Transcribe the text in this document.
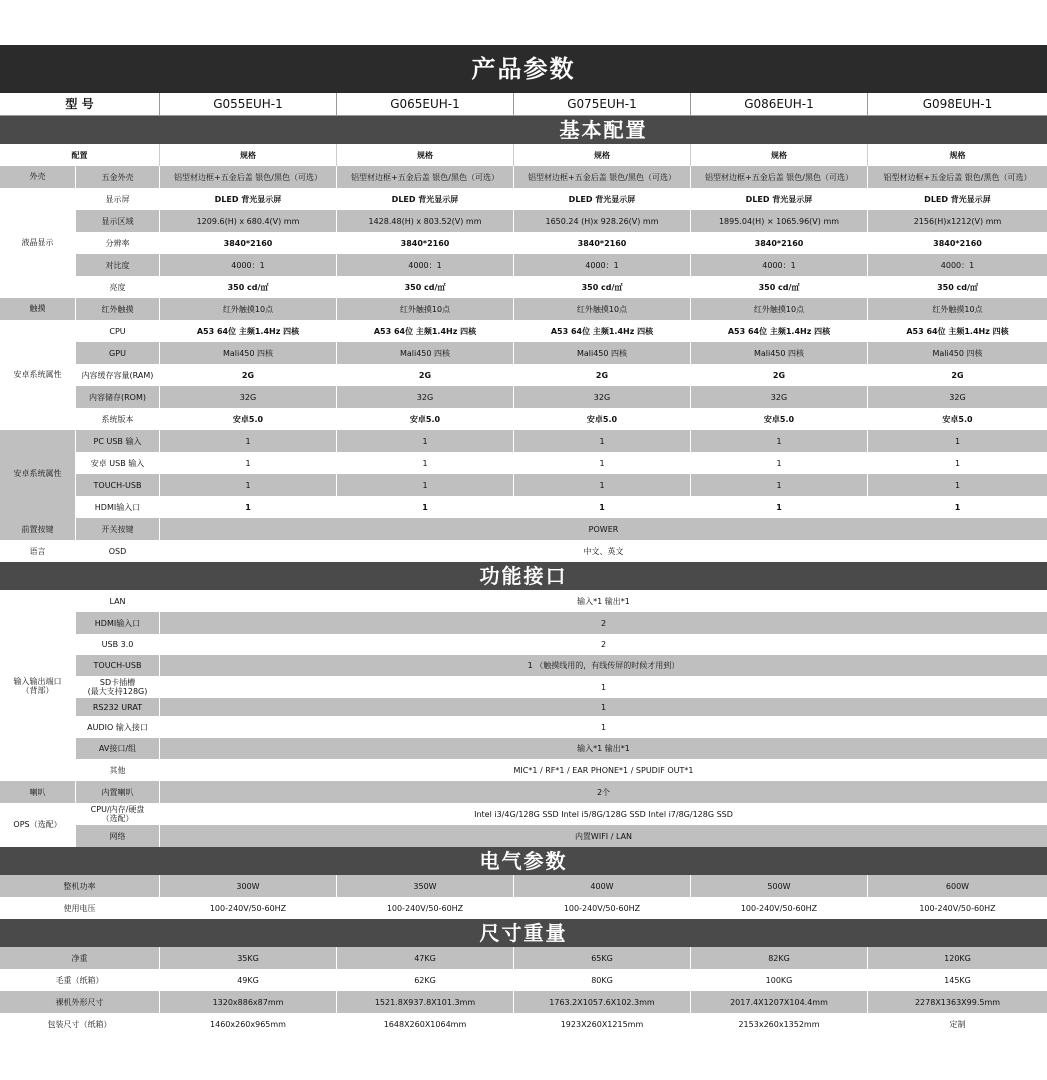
产品参数
型 号	G055EUH-1	G065EUH-1	G075EUH-1	G086EUH-1	G098EUH-1
基本配置
配置	规格	规格	规格	规格	规格
外壳	五金外壳	铝型材边框+五金后盖 银色/黑色（可选）	铝型材边框+五金后盖 银色/黑色（可选）	铝型材边框+五金后盖 银色/黑色（可选）	铝型材边框+五金后盖 银色/黑色（可选）	铝型材边框+五金后盖 银色/黑色（可选）
液晶显示
显示屏	DLED 背光显示屏	DLED 背光显示屏	DLED 背光显示屏	DLED 背光显示屏	DLED 背光显示屏
显示区域	1209.6(H) x 680.4(V) mm	1428.48(H) x 803.52(V) mm	1650.24 (H)x 928.26(V) mm	1895.04(H) × 1065.96(V) mm	2156(H)x1212(V) mm
分辨率	3840*2160	3840*2160	3840*2160	3840*2160	3840*2160
对比度	4000：1	4000：1	4000：1	4000：1	4000：1
亮度	350 cd/㎡	350 cd/㎡	350 cd/㎡	350 cd/㎡	350 cd/㎡
触摸	红外触摸	红外触摸10点	红外触摸10点	红外触摸10点	红外触摸10点	红外触摸10点
安卓系统属性
CPU	A53 64位 主频1.4Hz 四核	A53 64位 主频1.4Hz 四核	A53 64位 主频1.4Hz 四核	A53 64位 主频1.4Hz 四核	A53 64位 主频1.4Hz 四核
GPU	Mali450 四核	Mali450 四核	Mali450 四核	Mali450 四核	Mali450 四核
内容缓存容量(RAM)	2G	2G	2G	2G	2G
内容储存(ROM)	32G	32G	32G	32G	32G
系统版本	安卓5.0	安卓5.0	安卓5.0	安卓5.0	安卓5.0
安卓系统属性
PC USB 输入	1	1	1	1	1
安卓 USB 输入	1	1	1	1	1
TOUCH-USB	1	1	1	1	1
HDMI输入口	1	1	1	1	1
前置按键	开关按键	POWER
语言	OSD	中文、英文
功能接口
输入输出端口
（背部）
LAN	输入*1 输出*1
HDMI输入口	2
USB 3.0	2
TOUCH-USB	1 （触摸线用的，有线传屏的时候才用到）
SD卡插槽
(最大支持128G)	1
RS232 URAT	1
AUDIO 输入接口	1
AV接口/组	输入*1 输出*1
其他	MIC*1 / RF*1 / EAR PHONE*1 / SPUDIF OUT*1
喇叭	内置喇叭	2个
OPS（选配）
CPU/内存/硬盘
（选配）	Intel i3/4G/128G SSD Intel i5/8G/128G SSD Intel i7/8G/128G SSD
网络	内置WIFI / LAN
电气参数
整机功率	300W	350W	400W	500W	600W
使用电压	100-240V/50-60HZ	100-240V/50-60HZ	100-240V/50-60HZ	100-240V/50-60HZ	100-240V/50-60HZ
尺寸重量
净重	35KG	47KG	65KG	82KG	120KG
毛重（纸箱）	49KG	62KG	80KG	100KG	145KG
裸机外形尺寸	1320x886x87mm	1521.8X937.8X101.3mm	1763.2X1057.6X102.3mm	2017.4X1207X104.4mm	2278X1363X99.5mm
包装尺寸（纸箱）	1460x260x965mm	1648X260X1064mm	1923X260X1215mm	2153x260x1352mm	定制
